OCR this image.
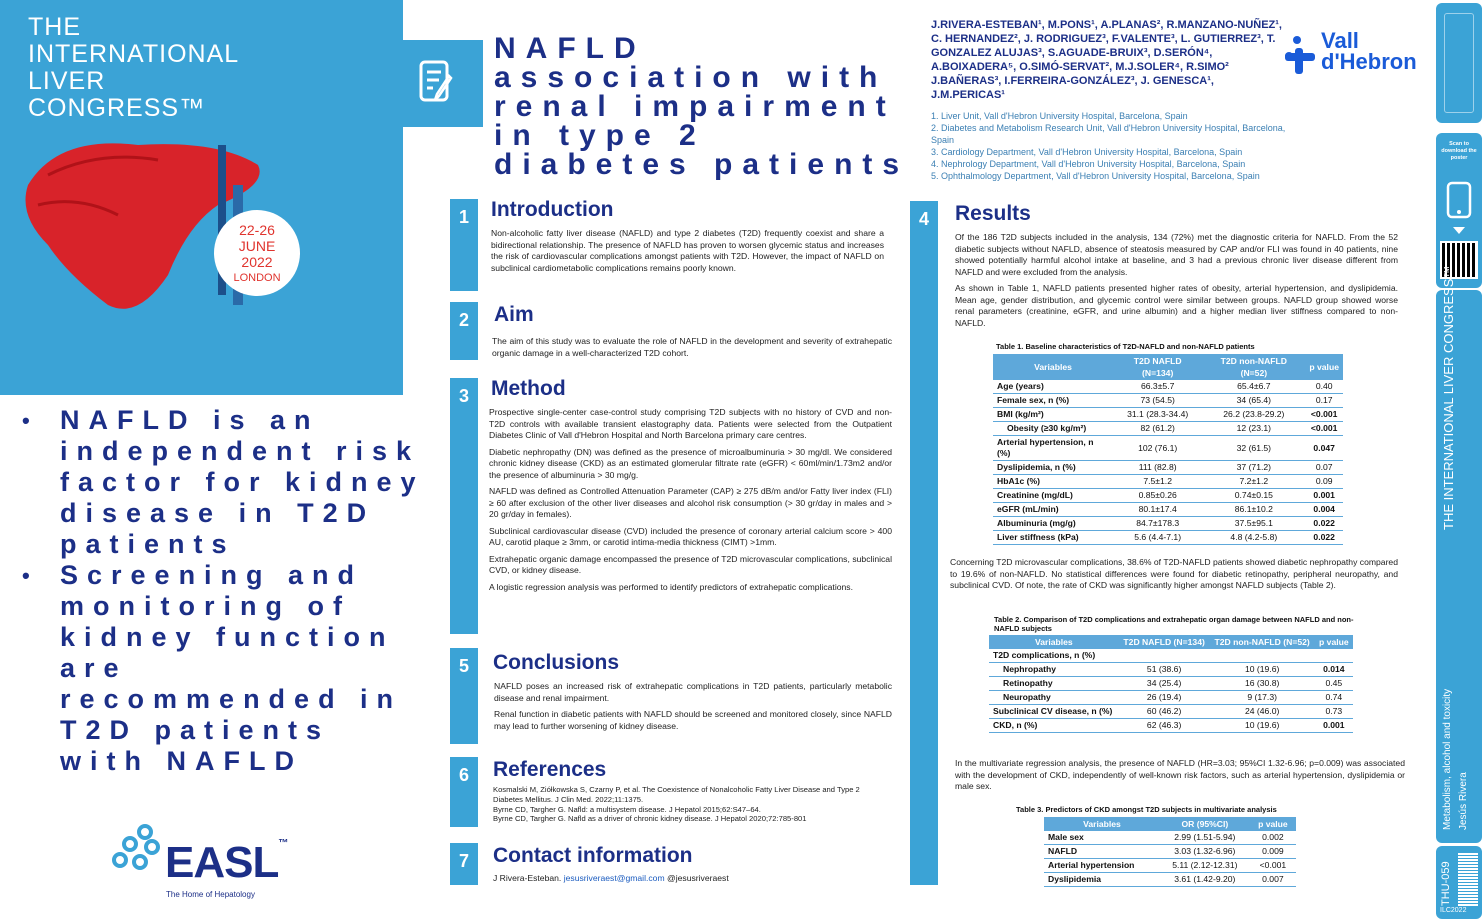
THE
INTERNATIONAL
LIVER
CONGRESS™
22-26
JUNE
2022
LONDON
• NAFLD is an independent risk factor for kidney disease in T2D patients
• Screening and monitoring of kidney function are recommended in T2D patients with NAFLD
EASL™
The Home of Hepatology
NAFLD association with renal impairment in type 2 diabetes patients
J.RIVERA-ESTEBAN¹, M.PONS¹, A.PLANAS², R.MANZANO-NUÑEZ¹, C. HERNANDEZ², J. RODRIGUEZ³, F.VALENTE³, L. GUTIERREZ³, T. GONZALEZ ALUJAS³, S.AGUADE-BRUIX³, D.SERÓN⁴, A.BOIXADERA⁵, O.SIMÓ-SERVAT², M.J.SOLER⁴, R.SIMO² J.BAÑERAS³, I.FERREIRA-GONZÁLEZ³, J. GENESCA¹, J.M.PERICAS¹
1. Liver Unit, Vall d'Hebron University Hospital, Barcelona, Spain
2. Diabetes and Metabolism Research Unit, Vall d'Hebron University Hospital, Barcelona, Spain
3. Cardiology Department, Vall d'Hebron University Hospital, Barcelona, Spain
4. Nephrology Department, Vall d'Hebron University Hospital, Barcelona, Spain
5. Ophthalmology Department, Vall d'Hebron University Hospital, Barcelona, Spain
Vall
d'Hebron
1	Introduction
Non-alcoholic fatty liver disease (NAFLD) and type 2 diabetes (T2D) frequently coexist and share a bidirectional relationship. The presence of NAFLD has proven to worsen glycemic status and increases the risk of cardiovascular complications amongst patients with T2D. However, the impact of NAFLD on subclinical cardiometabolic complications remains poorly known.
2	Aim
The aim of this study was to evaluate the role of NAFLD in the development and severity of extrahepatic organic damage in a well-characterized T2D cohort.
3	Method

Prospective single-center case-control study comprising T2D subjects with no history of CVD and non-T2D controls with available transient elastography data. Patients were selected from the Outpatient Diabetes Clinic of Vall d'Hebron Hospital and North Barcelona primary care centres.

Diabetic nephropathy (DN) was defined as the presence of microalbuminuria > 30 mg/dl. We considered chronic kidney disease (CKD) as an estimated glomerular filtrate rate (eGFR) < 60ml/min/1.73m2 and/or the presence of albuminuria > 30 mg/g.

NAFLD was defined as Controlled Attenuation Parameter (CAP) ≥ 275 dB/m and/or Fatty liver index (FLI) ≥ 60 after exclusion of the other liver diseases and alcohol risk consumption (> 30 gr/day in males and > 20 gr/day in females).

Subclinical cardiovascular disease (CVD) included the presence of coronary arterial calcium score > 400 AU, carotid plaque ≥ 3mm, or carotid intima-media thickness (CIMT) >1mm.

Extrahepatic organic damage encompassed the presence of T2D microvascular complications, subclinical CVD, or kidney disease.

A logistic regression analysis was performed to identify predictors of extrahepatic complications.

5	Conclusions

NAFLD poses an increased risk of extrahepatic complications in T2D patients, particularly metabolic disease and renal impairment.

Renal function in diabetic patients with NAFLD should be screened and monitored closely, since NAFLD may lead to further worsening of kidney disease.

6	References
Kosmalski M, Ziółkowska S, Czarny P, et al. The Coexistence of Nonalcoholic Fatty Liver Disease and Type 2 Diabetes Mellitus. J Clin Med. 2022;11:1375.
Byrne CD, Targher G. Nafld: a multisystem disease. J Hepatol 2015;62:S47–64.
Byrne CD, Targher G. Nafld as a driver of chronic kidney disease. J Hepatol 2020;72:785-801
7	Contact information
J Rivera-Esteban. jesusriveraest@gmail.com @jesusriveraest
4	Results

Of the 186 T2D subjects included in the analysis, 134 (72%) met the diagnostic criteria for NAFLD. From the 52 diabetic subjects without NAFLD, absence of steatosis measured by CAP and/or FLI was found in 40 patients, nine showed potentially harmful alcohol intake at baseline, and 3 had a previous chronic liver disease different from NAFLD and were excluded from the analysis.

As shown in Table 1, NAFLD patients presented higher rates of obesity, arterial hypertension, and dyslipidemia. Mean age, gender distribution, and glycemic control were similar between groups. NAFLD group showed worse renal parameters (creatinine, eGFR, and urine albumin) and a higher median liver stiffness compared to non-NAFLD.

Table 1. Baseline characteristics of T2D-NAFLD and non-NAFLD patients
Variables	T2D NAFLD (N=134)	T2D non-NAFLD (N=52)	p value
Age (years)	66.3±5.7	65.4±6.7	0.40
Female sex, n (%)	73 (54.5)	34 (65.4)	0.17
BMI (kg/m²)	31.1 (28.3-34.4)	26.2 (23.8-29.2)	<0.001
Obesity (≥30 kg/m²)	82 (61.2)	12 (23.1)	<0.001
Arterial hypertension, n (%)	102 (76.1)	32 (61.5)	0.047
Dyslipidemia, n (%)	111 (82.8)	37 (71.2)	0.07
HbA1c (%)	7.5±1.2	7.2±1.2	0.09
Creatinine (mg/dL)	0.85±0.26	0.74±0.15	0.001
eGFR (mL/min)	80.1±17.4	86.1±10.2	0.004
Albuminuria (mg/g)	84.7±178.3	37.5±95.1	0.022
Liver stiffness (kPa)	5.6 (4.4-7.1)	4.8 (4.2-5.8)	0.022
Concerning T2D microvascular complications, 38.6% of T2D-NAFLD patients showed diabetic nephropathy compared to 19.6% of non-NAFLD. No statistical differences were found for diabetic retinopathy, peripheral neuropathy, and subclinical CVD. Of note, the rate of CKD was significantly higher amongst NAFLD subjects (Table 2).
Table 2. Comparison of T2D complications and extrahepatic organ damage between NAFLD and non-NAFLD subjects
Variables	T2D NAFLD (N=134)	T2D non-NAFLD (N=52)	p value
T2D complications, n (%)			
Nephropathy	51 (38.6)	10 (19.6)	0.014
Retinopathy	34 (25.4)	16 (30.8)	0.45
Neuropathy	26 (19.4)	9 (17.3)	0.74
Subclinical CV disease, n (%)	60 (46.2)	24 (46.0)	0.73
CKD, n (%)	62 (46.3)	10 (19.6)	0.001
In the multivariate regression analysis, the presence of NAFLD (HR=3.03; 95%CI 1.32-6.96; p=0.009) was associated with the development of CKD, independently of well-known risk factors, such as arterial hypertension, dyslipidemia or male sex.
Table 3. Predictors of CKD amongst T2D subjects in multivariate analysis
Variables	OR (95%CI)	p value
Male sex	2.99 (1.51-5.94)	0.002
NAFLD	3.03 (1.32-6.96)	0.009
Arterial hypertension	5.11 (2.12-12.31)	<0.001
Dyslipidemia	3.61 (1.42-9.20)	0.007
Scan to
download the
poster
THE INTERNATIONAL LIVER CONGRESS™
Metabolism, alcohol and toxicity Jesús Rivera
THU-059
ILC2022
